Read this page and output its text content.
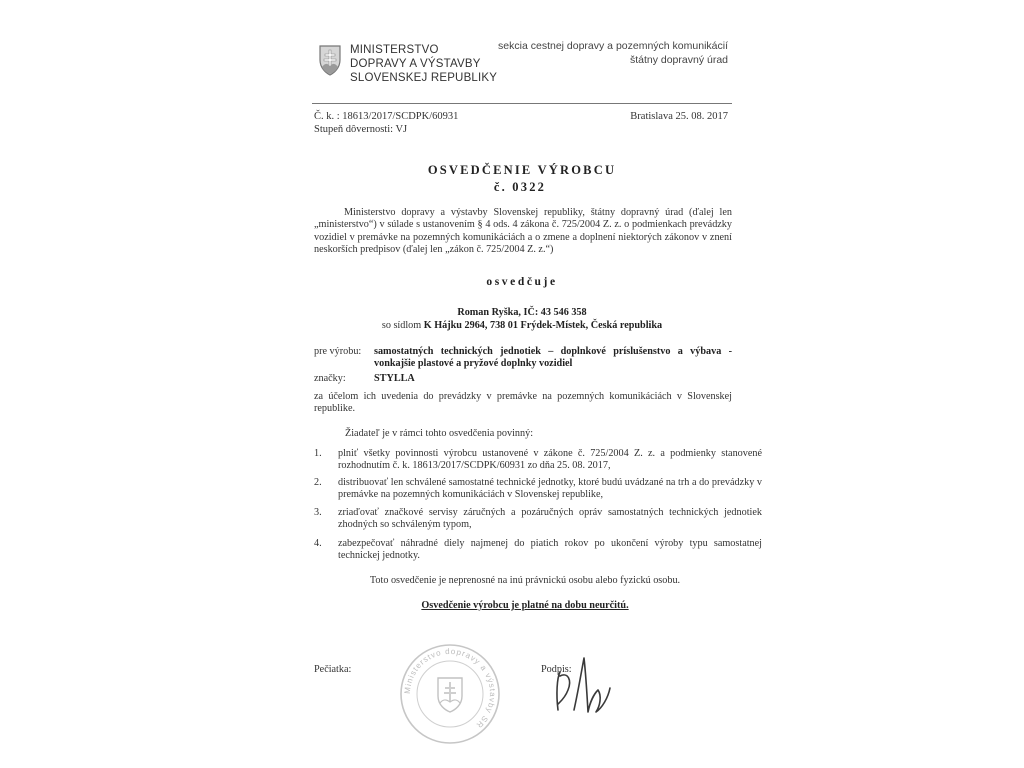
MINISTERSTVO
DOPRAVY A VÝSTAVBY
SLOVENSKEJ REPUBLIKY
sekcia cestnej dopravy a pozemných komunikácií
štátny dopravný úrad
Č. k. : 18613/2017/SCDPK/60931
Stupeň dôvernosti: VJ
Bratislava 25. 08. 2017
OSVEDČENIE VÝROBCU
č. 0322
Ministerstvo dopravy a výstavby Slovenskej republiky, štátny dopravný úrad (ďalej len „ministerstvo“) v súlade s ustanovením § 4 ods. 4 zákona č. 725/2004 Z. z. o podmienkach prevádzky vozidiel v premávke na pozemných komunikáciách a o zmene a doplnení niektorých zákonov v znení neskorších predpisov (ďalej len „zákon č. 725/2004 Z. z.“)
osvedčuje
Roman Ryška, IČ: 43 546 358
so sídlom K Hájku 2964, 738 01 Frýdek-Místek, Česká republika
pre výrobu: samostatných technických jednotiek – doplnkové príslušenstvo a výbava - vonkajšie plastové a pryžové doplnky vozidiel
značky:	STYLLA
za účelom ich uvedenia do prevádzky v premávke na pozemných komunikáciách v Slovenskej republike.
Žiadateľ je v rámci tohto osvedčenia povinný:
1. plniť všetky povinnosti výrobcu ustanovené v zákone č. 725/2004 Z. z. a podmienky stanovené rozhodnutím č. k. 18613/2017/SCDPK/60931 zo dňa 25. 08. 2017,
2. distribuovať len schválené samostatné technické jednotky, ktoré budú uvádzané na trh a do prevádzky v premávke na pozemných komunikáciách v Slovenskej republike,
3. zriaďovať značkové servisy záručných a pozáručných opráv samostatných technických jednotiek zhodných so schváleným typom,
4. zabezpečovať náhradné diely najmenej do piatich rokov po ukončení výroby typu samostatnej technickej jednotky.
Toto osvedčenie je neprenosné na inú právnickú osobu alebo fyzickú osobu.
Osvedčenie výrobcu je platné na dobu neurčitú.
Pečiatka:
Ministerstvo dopravy a výstavby SR
Podpis:
